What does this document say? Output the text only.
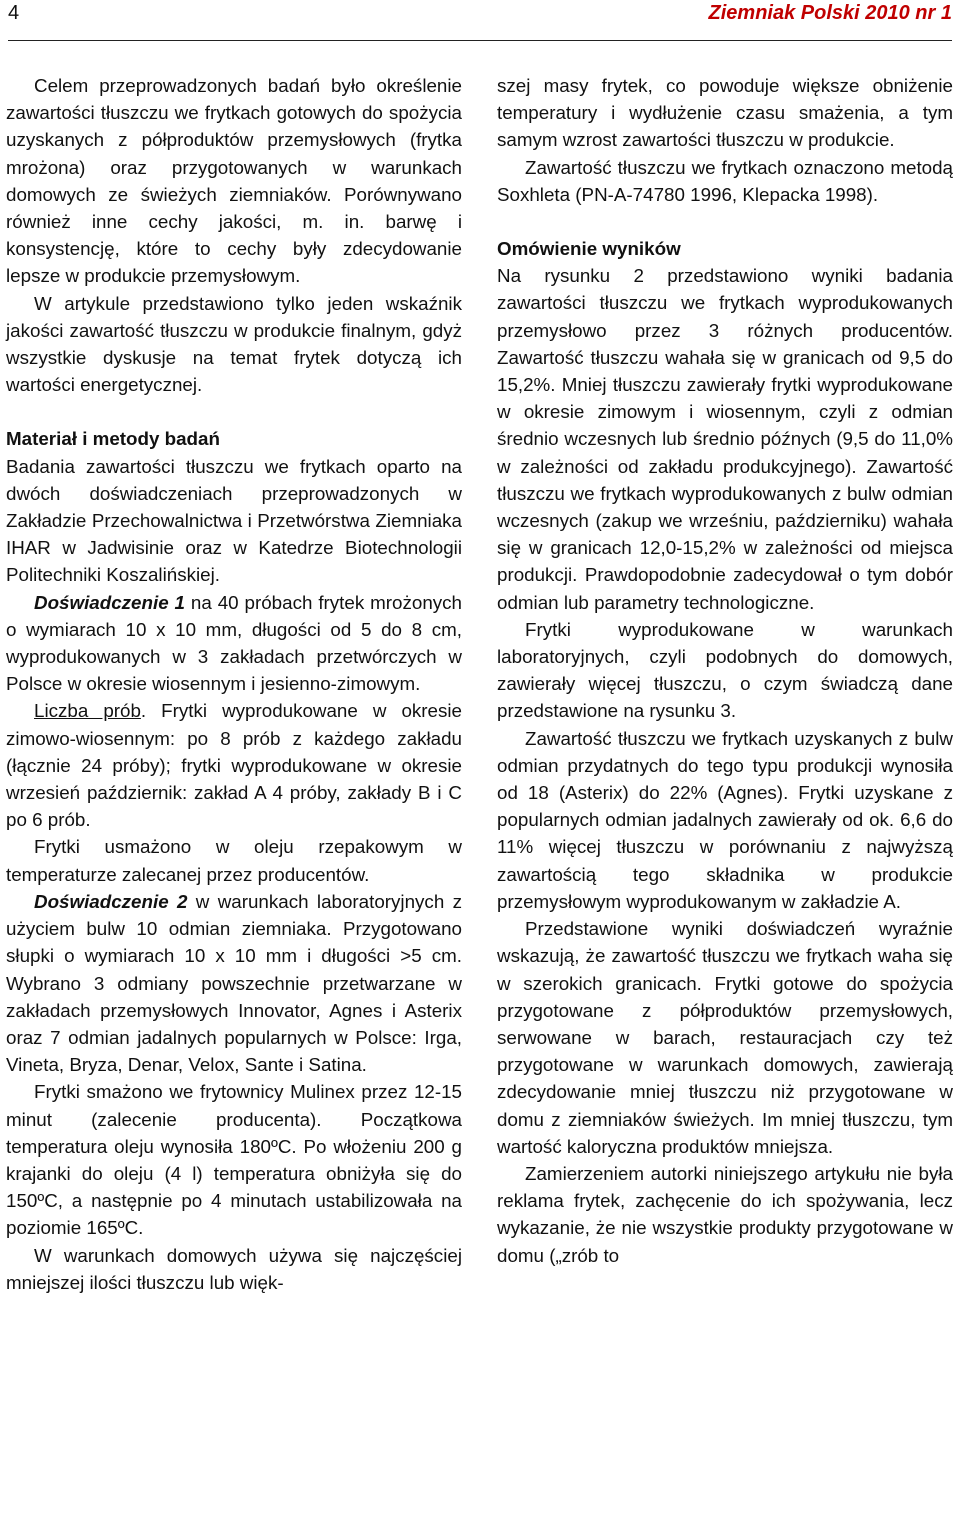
4	Ziemniak Polski 2010 nr 1

Celem przeprowadzonych badań było określenie zawartości tłuszczu we frytkach gotowych do spożycia uzyskanych z półproduktów przemysłowych (frytka mrożona) oraz przygotowanych w warunkach domowych ze świeżych ziemniaków. Porównywano również inne cechy jakości, m. in. barwę i konsystencję, które to cechy były zdecydowanie lepsze w produkcie przemysłowym.

W artykule przedstawiono tylko jeden wskaźnik jakości zawartość tłuszczu w produkcie finalnym, gdyż wszystkie dyskusje na temat frytek dotyczą ich wartości energetycznej.

Materiał i metody badań

Badania zawartości tłuszczu we frytkach oparto na dwóch doświadczeniach przeprowadzonych w Zakładzie Przechowalnictwa i Przetwórstwa Ziemniaka IHAR w Jadwisinie oraz w Katedrze Biotechnologii Politechniki Koszalińskiej.

Doświadczenie 1 na 40 próbach frytek mrożonych o wymiarach 10 x 10 mm, długości od 5 do 8 cm, wyprodukowanych w 3 zakładach przetwórczych w Polsce w okresie wiosennym i jesienno-zimowym.

Liczba prób. Frytki wyprodukowane w okresie zimowo-wiosennym: po 8 prób z każdego zakładu (łącznie 24 próby); frytki wyprodukowane w okresie wrzesień październik: zakład A 4 próby, zakłady B i C po 6 prób.

Frytki usmażono w oleju rzepakowym w temperaturze zalecanej przez producentów.

Doświadczenie 2 w warunkach laboratoryjnych z użyciem bulw 10 odmian ziemniaka. Przygotowano słupki o wymiarach 10 x 10 mm i długości >5 cm. Wybrano 3 odmiany powszechnie przetwarzane w zakładach przemysłowych Innovator, Agnes i Asterix oraz 7 odmian jadalnych popularnych w Polsce: Irga, Vineta, Bryza, Denar, Velox, Sante i Satina.

Frytki smażono we frytownicy Mulinex przez 12-15 minut (zalecenie producenta). Początkowa temperatura oleju wynosiła 180ºC. Po włożeniu 200 g krajanki do oleju (4 l) temperatura obniżyła się do 150ºC, a następnie po 4 minutach ustabilizowała na poziomie 165ºC.

W warunkach domowych używa się najczęściej mniejszej ilości tłuszczu lub więk-

szej masy frytek, co powoduje większe obniżenie temperatury i wydłużenie czasu smażenia, a tym samym wzrost zawartości tłuszczu w produkcie.

Zawartość tłuszczu we frytkach oznaczono metodą Soxhleta (PN-A-74780 1996, Klepacka 1998).

Omówienie wyników

Na rysunku 2 przedstawiono wyniki badania zawartości tłuszczu we frytkach wyprodukowanych przemysłowo przez 3 różnych producentów. Zawartość tłuszczu wahała się w granicach od 9,5 do 15,2%. Mniej tłuszczu zawierały frytki wyprodukowane w okresie zimowym i wiosennym, czyli z odmian średnio wczesnych lub średnio późnych (9,5 do 11,0% w zależności od zakładu produkcyjnego). Zawartość tłuszczu we frytkach wyprodukowanych z bulw odmian wczesnych (zakup we wrześniu, październiku) wahała się w granicach 12,0-15,2% w zależności od miejsca produkcji. Prawdopodobnie zadecydował o tym dobór odmian lub parametry technologiczne.

Frytki wyprodukowane w warunkach laboratoryjnych, czyli podobnych do domowych, zawierały więcej tłuszczu, o czym świadczą dane przedstawione na rysunku 3.

Zawartość tłuszczu we frytkach uzyskanych z bulw odmian przydatnych do tego typu produkcji wynosiła od 18 (Asterix) do 22% (Agnes). Frytki uzyskane z popularnych odmian jadalnych zawierały od ok. 6,6 do 11% więcej tłuszczu w porównaniu z najwyższą zawartością tego składnika w produkcie przemysłowym wyprodukowanym w zakładzie A.

Przedstawione wyniki doświadczeń wyraźnie wskazują, że zawartość tłuszczu we frytkach waha się w szerokich granicach. Frytki gotowe do spożycia przygotowane z półproduktów przemysłowych, serwowane w barach, restauracjach czy też przygotowane w warunkach domowych, zawierają zdecydowanie mniej tłuszczu niż przygotowane w domu z ziemniaków świeżych. Im mniej tłuszczu, tym wartość kaloryczna produktów mniejsza.

Zamierzeniem autorki niniejszego artykułu nie była reklama frytek, zachęcenie do ich spożywania, lecz wykazanie, że nie wszystkie produkty przygotowane w domu („zrób to
